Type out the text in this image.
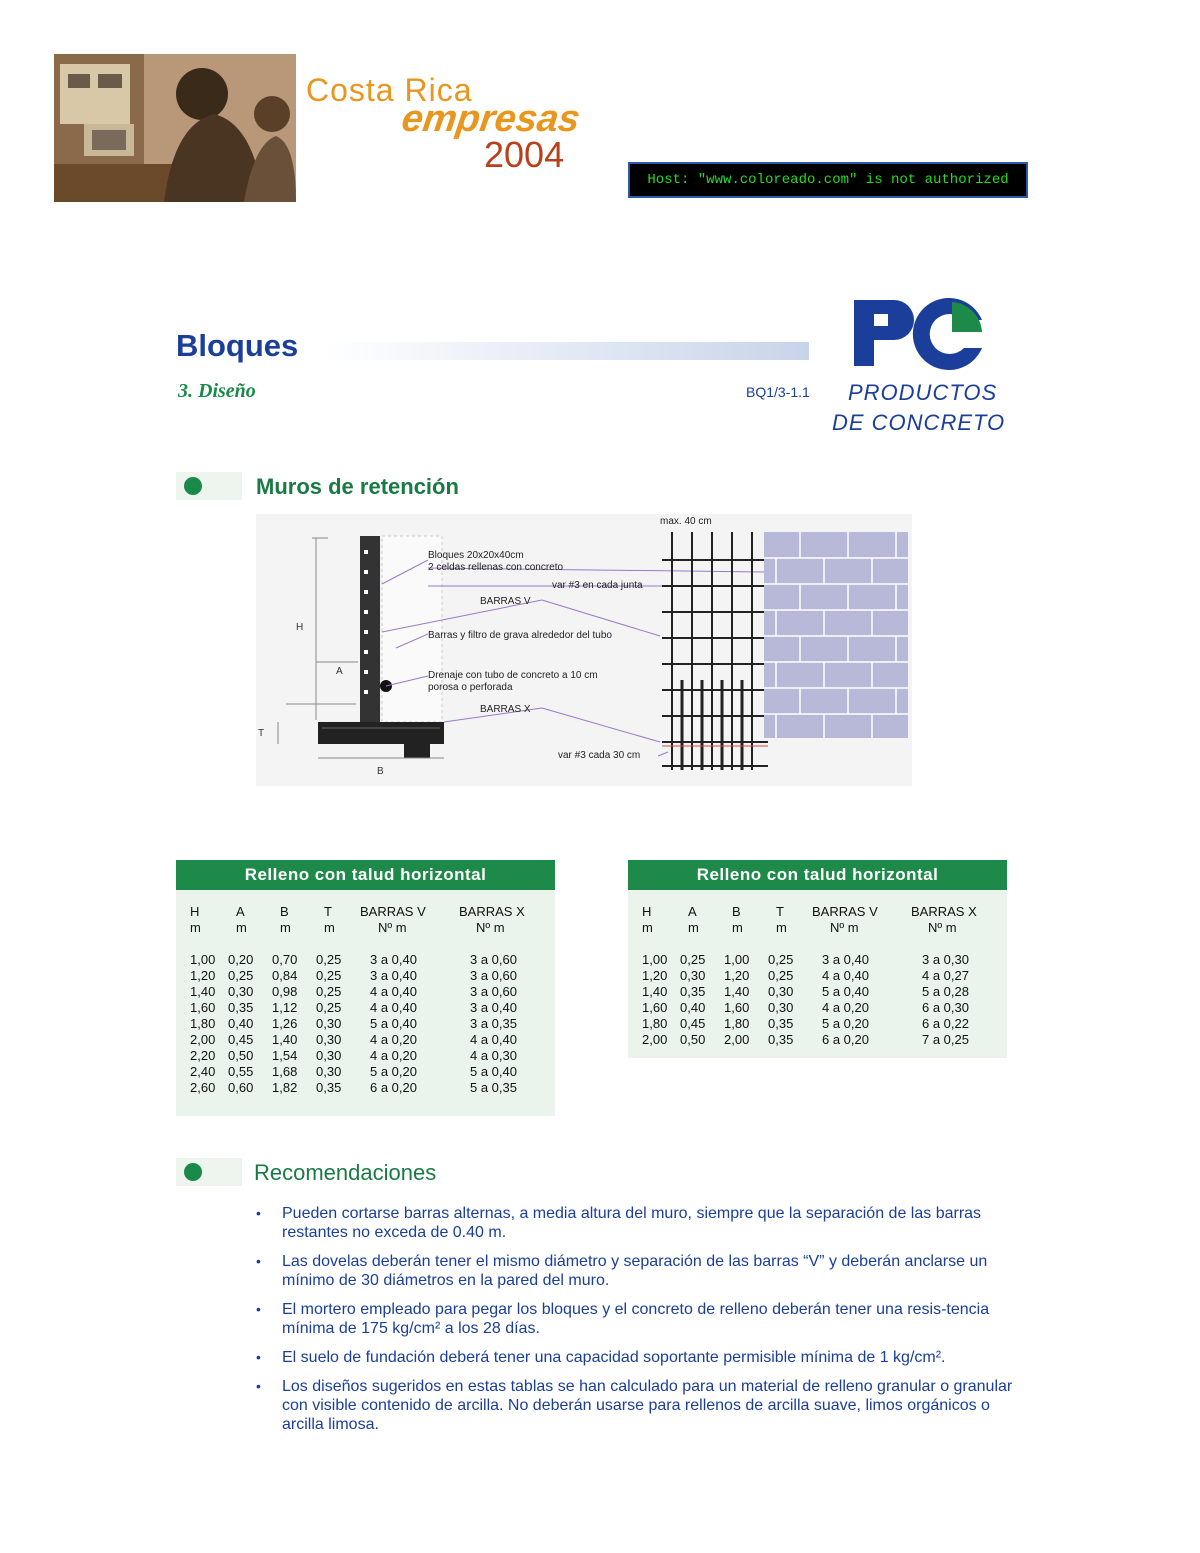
Costa Rica
empresas
2004
Host: "www.coloreado.com" is not authorized
Bloques
3. Diseño	BQ1/3-1.1 PRODUCTOS
DE CONCRETO
Muros de retención
H
A
T
B
Bloques 20x20x40cm
2 celdas rellenas con concreto
var #3 en cada junta
BARRAS V
Barras y filtro de grava alrededor del tubo
Drenaje con tubo de concreto a 10 cm
porosa o perforada
BARRAS X
var #3 cada 30 cm
max. 40 cm
Relleno con talud horizontal
H	A	B	T BARRAS V	BARRAS X
m	m	m	m	Nº m	Nº m
1,00 0,20 0,70 0,25 3 a 0,40	3 a 0,60
1,20 0,25 0,84 0,25 3 a 0,40	3 a 0,60
1,40 0,30 0,98 0,25 4 a 0,40	3 a 0,60
1,60 0,35 1,12 0,25 4 a 0,40	3 a 0,40
1,80 0,40 1,26 0,30 5 a 0,40	3 a 0,35
2,00 0,45 1,40 0,30 4 a 0,20	4 a 0,40
2,20 0,50 1,54 0,30 4 a 0,20	4 a 0,30
2,40 0,55 1,68 0,30 5 a 0,20	5 a 0,40
2,60 0,60 1,82 0,35 6 a 0,20	5 a 0,35
Relleno con talud horizontal
H	A	B	T BARRAS V	BARRAS X
m	m	m	m	Nº m	Nº m
1,00 0,25 1,00 0,25 3 a 0,40	3 a 0,30
1,20 0,30 1,20 0,25 4 a 0,40	4 a 0,27
1,40 0,35 1,40 0,30 5 a 0,40	5 a 0,28
1,60 0,40 1,60 0,30 4 a 0,20	6 a 0,30
1,80 0,45 1,80 0,35 5 a 0,20	6 a 0,22
2,00 0,50 2,00 0,35 6 a 0,20	7 a 0,25
Recomendaciones
• Pueden cortarse barras alternas, a media altura del muro, siempre que la separación de las barras restantes no exceda de 0.40 m.
• Las dovelas deberán tener el mismo diámetro y separación de las barras “V” y deberán anclarse un mínimo de 30 diámetros en la pared del muro.
• El mortero empleado para pegar los bloques y el concreto de relleno deberán tener una resis-tencia mínima de 175 kg/cm² a los 28 días.
• El suelo de fundación deberá tener una capacidad soportante permisible mínima de 1 kg/cm².
• Los diseños sugeridos en estas tablas se han calculado para un material de relleno granular o granular con visible contenido de arcilla. No deberán usarse para rellenos de arcilla suave, limos orgánicos o arcilla limosa.
